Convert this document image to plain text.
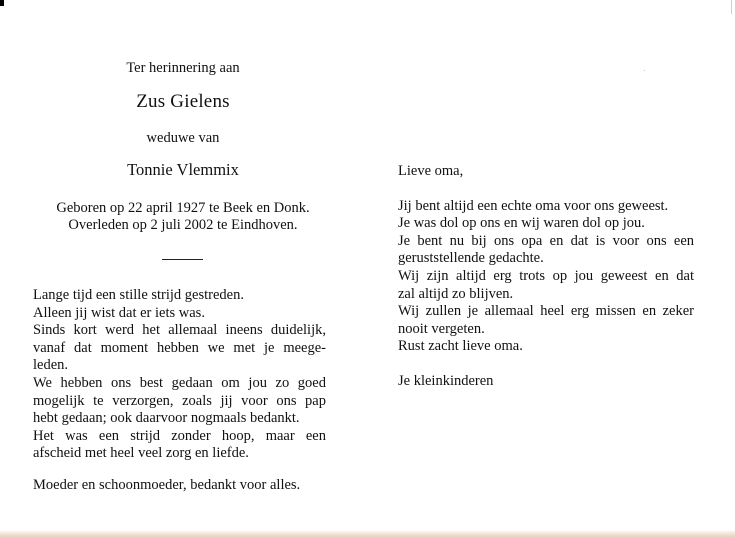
Ter herinnering aan
Zus Gielens
weduwe van
Tonnie Vlemmix
Geboren op 22 april 1927 te Beek en Donk.
Overleden op 2 juli 2002 te Eindhoven.
Lange tijd een stille strijd gestreden.
Alleen jij wist dat er iets was.
Sinds kort werd het allemaal ineens duidelijk,
vanaf dat moment hebben we met je meege-
leden.
We hebben ons best gedaan om jou zo goed
mogelijk te verzorgen, zoals jij voor ons pap
hebt gedaan; ook daarvoor nogmaals bedankt.
Het was een strijd zonder hoop, maar een
afscheid met heel veel zorg en liefde.
Moeder en schoonmoeder, bedankt voor alles.
Lieve oma,
Jij bent altijd een echte oma voor ons geweest.
Je was dol op ons en wij waren dol op jou.
Je bent nu bij ons opa en dat is voor ons een
geruststellende gedachte.
Wij zijn altijd erg trots op jou geweest en dat
zal altijd zo blijven.
Wij zullen je allemaal heel erg missen en zeker
nooit vergeten.
Rust zacht lieve oma.
Je kleinkinderen
